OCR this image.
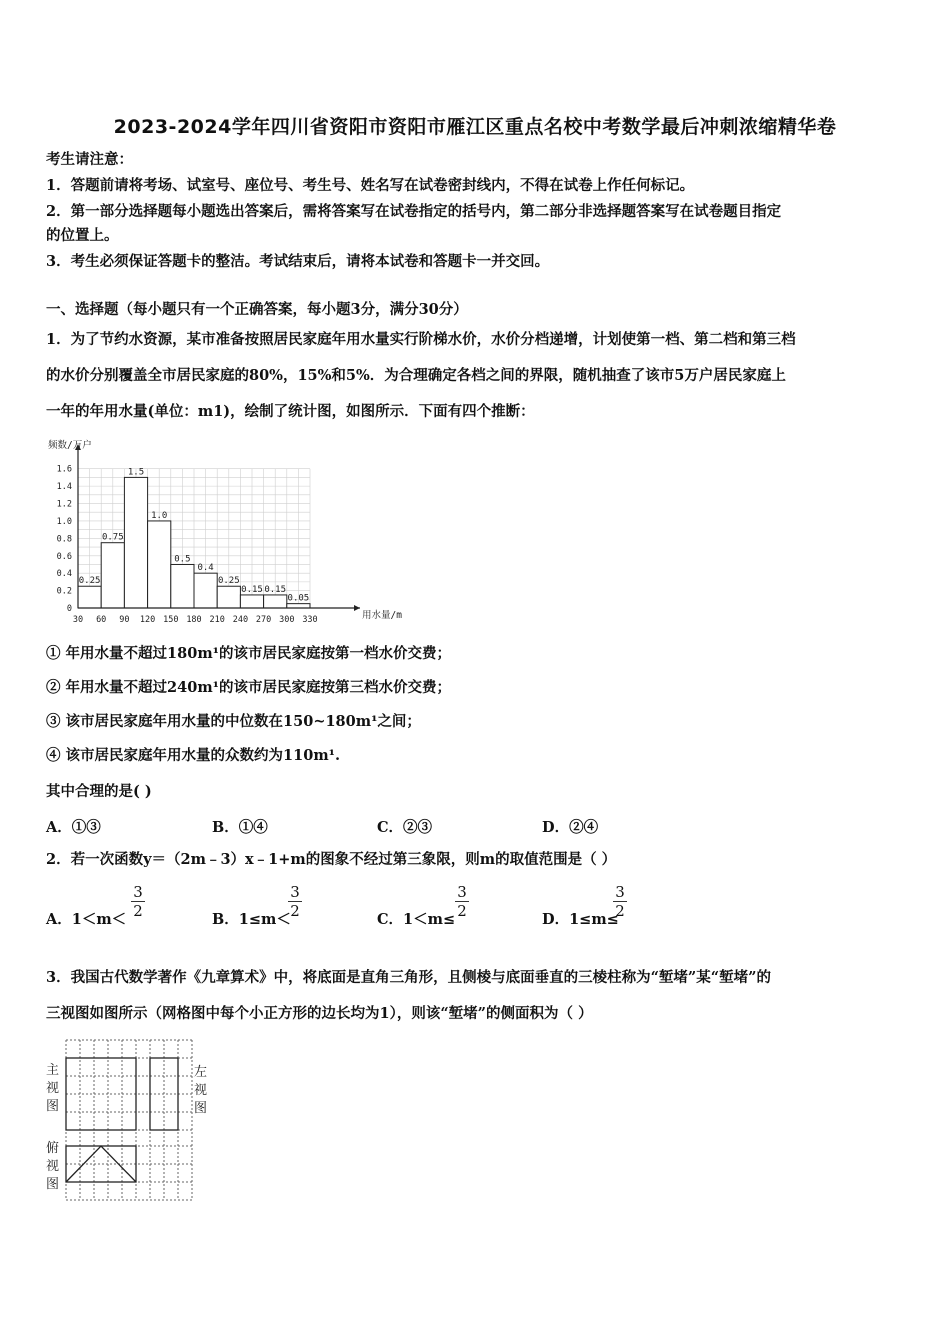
2023-2024学年四川省资阳市资阳市雁江区重点名校中考数学最后冲刺浓缩精华卷
考生请注意：
1．答题前请将考场、试室号、座位号、考生号、姓名写在试卷密封线内，不得在试卷上作任何标记。
2．第一部分选择题每小题选出答案后，需将答案写在试卷指定的括号内，第二部分非选择题答案写在试卷题目指定
的位置上。
3．考生必须保证答题卡的整洁。考试结束后，请将本试卷和答题卡一并交回。
一、选择题（每小题只有一个正确答案，每小题3分，满分30分）
1．为了节约水资源，某市准备按照居民家庭年用水量实行阶梯水价，水价分档递增，计划使第一档、第二档和第三档
的水价分别覆盖全市居民家庭的80%，15%和5%．为合理确定各档之间的界限，随机抽查了该市5万户居民家庭上
一年的年用水量(单位：m1)，绘制了统计图，如图所示．下面有四个推断：
0.25
0.75
1.5
1.0
0.5
0.4
0.25
0.15 0.15
0.05
0
0.2
0.4
0.6
0.8
1.0
1.2
1.4
1.6
30 60 90 120 150 180 210 240 270 300 330
频数/万户
用水量/m
① 年用水量不超过180m¹的该市居民家庭按第一档水价交费；
② 年用水量不超过240m¹的该市居民家庭按第三档水价交费；
③ 该市居民家庭年用水量的中位数在150~180m¹之间；
④ 该市居民家庭年用水量的众数约为110m¹.
其中合理的是( )
A．①③	B．①④	C．②③	D．②④
2．若一次函数y＝（2m﹣3）x﹣1+m的图象不经过第三象限，则m的取值范围是（ ）
A．1＜m＜
3
2	B．1≤m＜
3
2	C．1＜m≤
3
2	D．1≤m≤
3
2
3．我国古代数学著作《九章算术》中，将底面是直角三角形，且侧棱与底面垂直的三棱柱称为“堑堵”某“堑堵”的
三视图如图所示（网格图中每个小正方形的边长均为1），则该“堑堵”的侧面积为（ ）
主
视
图
左
视
图
俯
视
图
